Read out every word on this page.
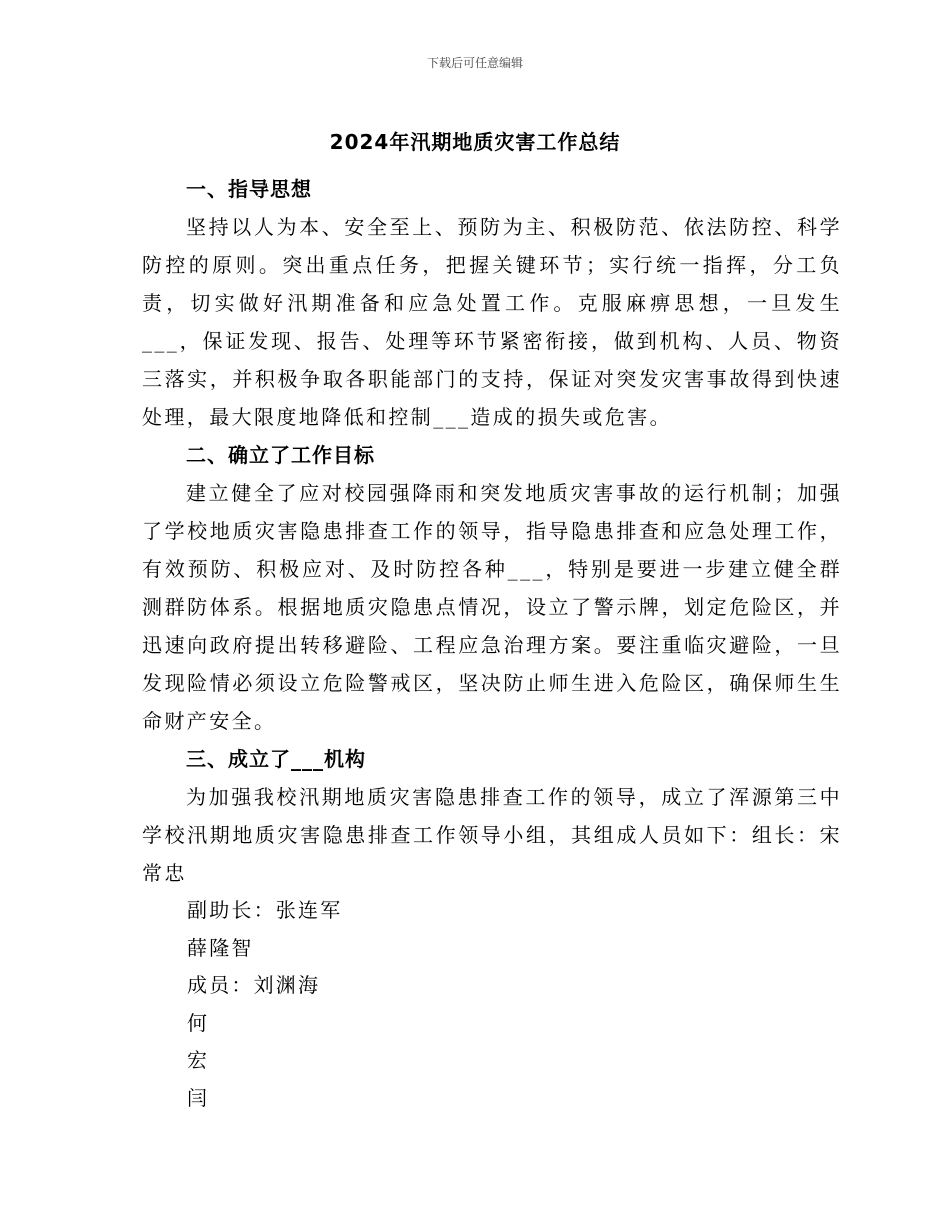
下载后可任意编辑
2024年汛期地质灾害工作总结
一、指导思想

坚持以人为本、安全至上、预防为主、积极防范、依法防控、科学防控的原则。突出重点任务，把握关键环节；实行统一指挥，分工负责，切实做好汛期准备和应急处置工作。克服麻痹思想，一旦发生___，保证发现、报告、处理等环节紧密衔接，做到机构、人员、物资三落实，并积极争取各职能部门的支持，保证对突发灾害事故得到快速处理，最大限度地降低和控制___造成的损失或危害。

二、确立了工作目标

建立健全了应对校园强降雨和突发地质灾害事故的运行机制；加强了学校地质灾害隐患排查工作的领导，指导隐患排查和应急处理工作，有效预防、积极应对、及时防控各种___，特别是要进一步建立健全群测群防体系。根据地质灾隐患点情况，设立了警示牌，划定危险区，并迅速向政府提出转移避险、工程应急治理方案。要注重临灾避险，一旦发现险情必须设立危险警戒区，坚决防止师生进入危险区，确保师生生命财产安全。

三、成立了___机构

为加强我校汛期地质灾害隐患排查工作的领导，成立了浑源第三中学校汛期地质灾害隐患排查工作领导小组，其组成人员如下：组长：宋常忠

副助长：张连军
薛隆智
成员：刘渊海
何
宏
闫
